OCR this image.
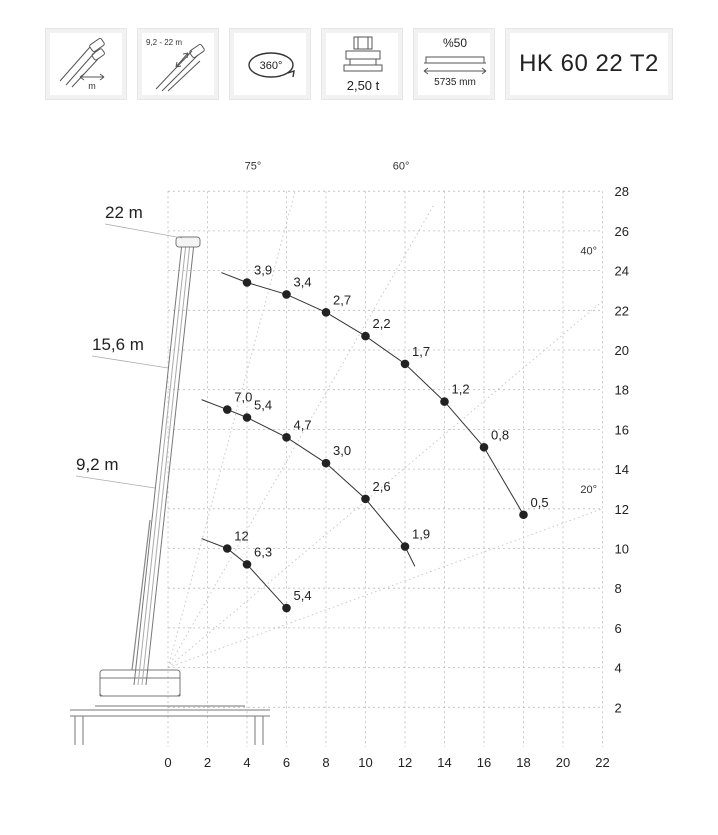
m
9,2 - 22 m
360°
2,50 t
%50
5735 mm
HK 60 22 T2
75°	60°
40°
20°
22 m
15,6 m
9,2 m
3,9
3,4
2,7
2,2
1,7
1,2
0,8
0,5
7,0
5,4
4,7
3,0
2,6
1,9
12
6,3
5,4
0 2 4 6 8 10 12 14 16 18 20 22
2
4
6
8
10
12
14
16
18
20
22
24
26
28
